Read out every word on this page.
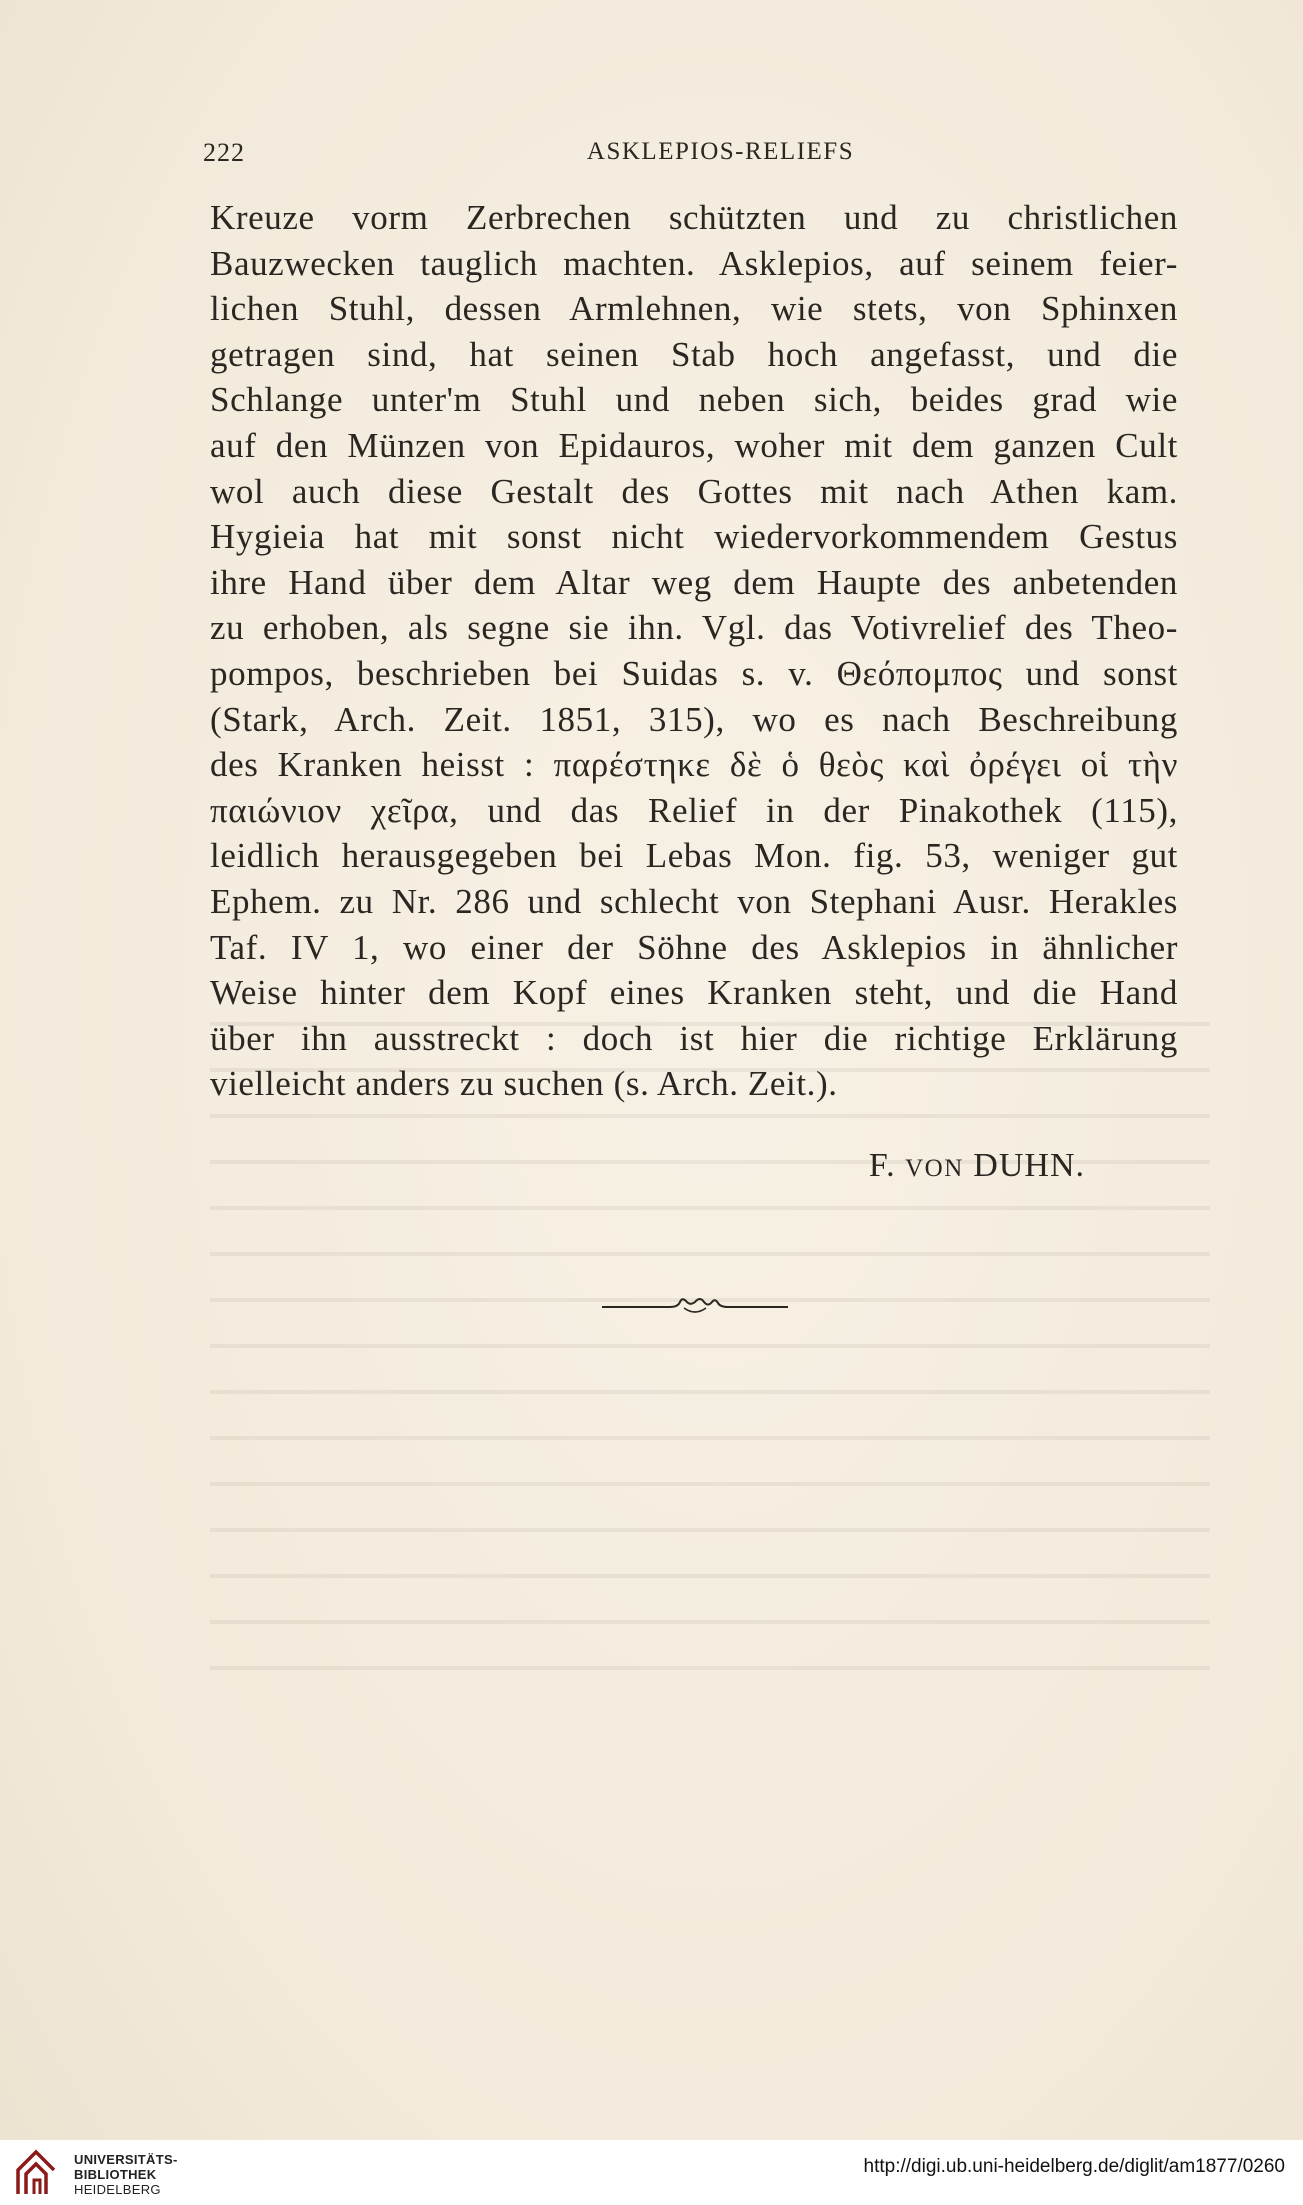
222	ASKLEPIOS-RELIEFS
Kreuze vorm Zerbrechen schützten und zu christlichen
Bauzwecken tauglich machten. Asklepios, auf seinem feier-
lichen Stuhl, dessen Armlehnen, wie stets, von Sphinxen
getragen sind, hat seinen Stab hoch angefasst, und die
Schlange unter'm Stuhl und neben sich, beides grad wie
auf den Münzen von Epidauros, woher mit dem ganzen Cult
wol auch diese Gestalt des Gottes mit nach Athen kam.
Hygieia hat mit sonst nicht wiedervorkommendem Gestus
ihre Hand über dem Altar weg dem Haupte des anbetenden
zu erhoben, als segne sie ihn. Vgl. das Votivrelief des Theo-
pompos, beschrieben bei Suidas s. v. Θεόπομπος und sonst
(Stark, Arch. Zeit. 1851, 315), wo es nach Beschreibung
des Kranken heisst : παρέστηκε δὲ ὁ θεὸς καὶ ὀρέγει οἱ τὴν
παιώνιον χεῖρα, und das Relief in der Pinakothek (115),
leidlich herausgegeben bei Lebas Mon. fig. 53, weniger gut
Ephem. zu Nr. 286 und schlecht von Stephani Ausr. Herakles
Taf. IV 1, wo einer der Söhne des Asklepios in ähnlicher
Weise hinter dem Kopf eines Kranken steht, und die Hand
über ihn ausstreckt : doch ist hier die richtige Erklärung
vielleicht anders zu suchen (s. Arch. Zeit.).
F. VON DUHN.
UNIVERSITÄTS-
BIBLIOTHEK
HEIDELBERG
http://digi.ub.uni-heidelberg.de/diglit/am1877/0260
